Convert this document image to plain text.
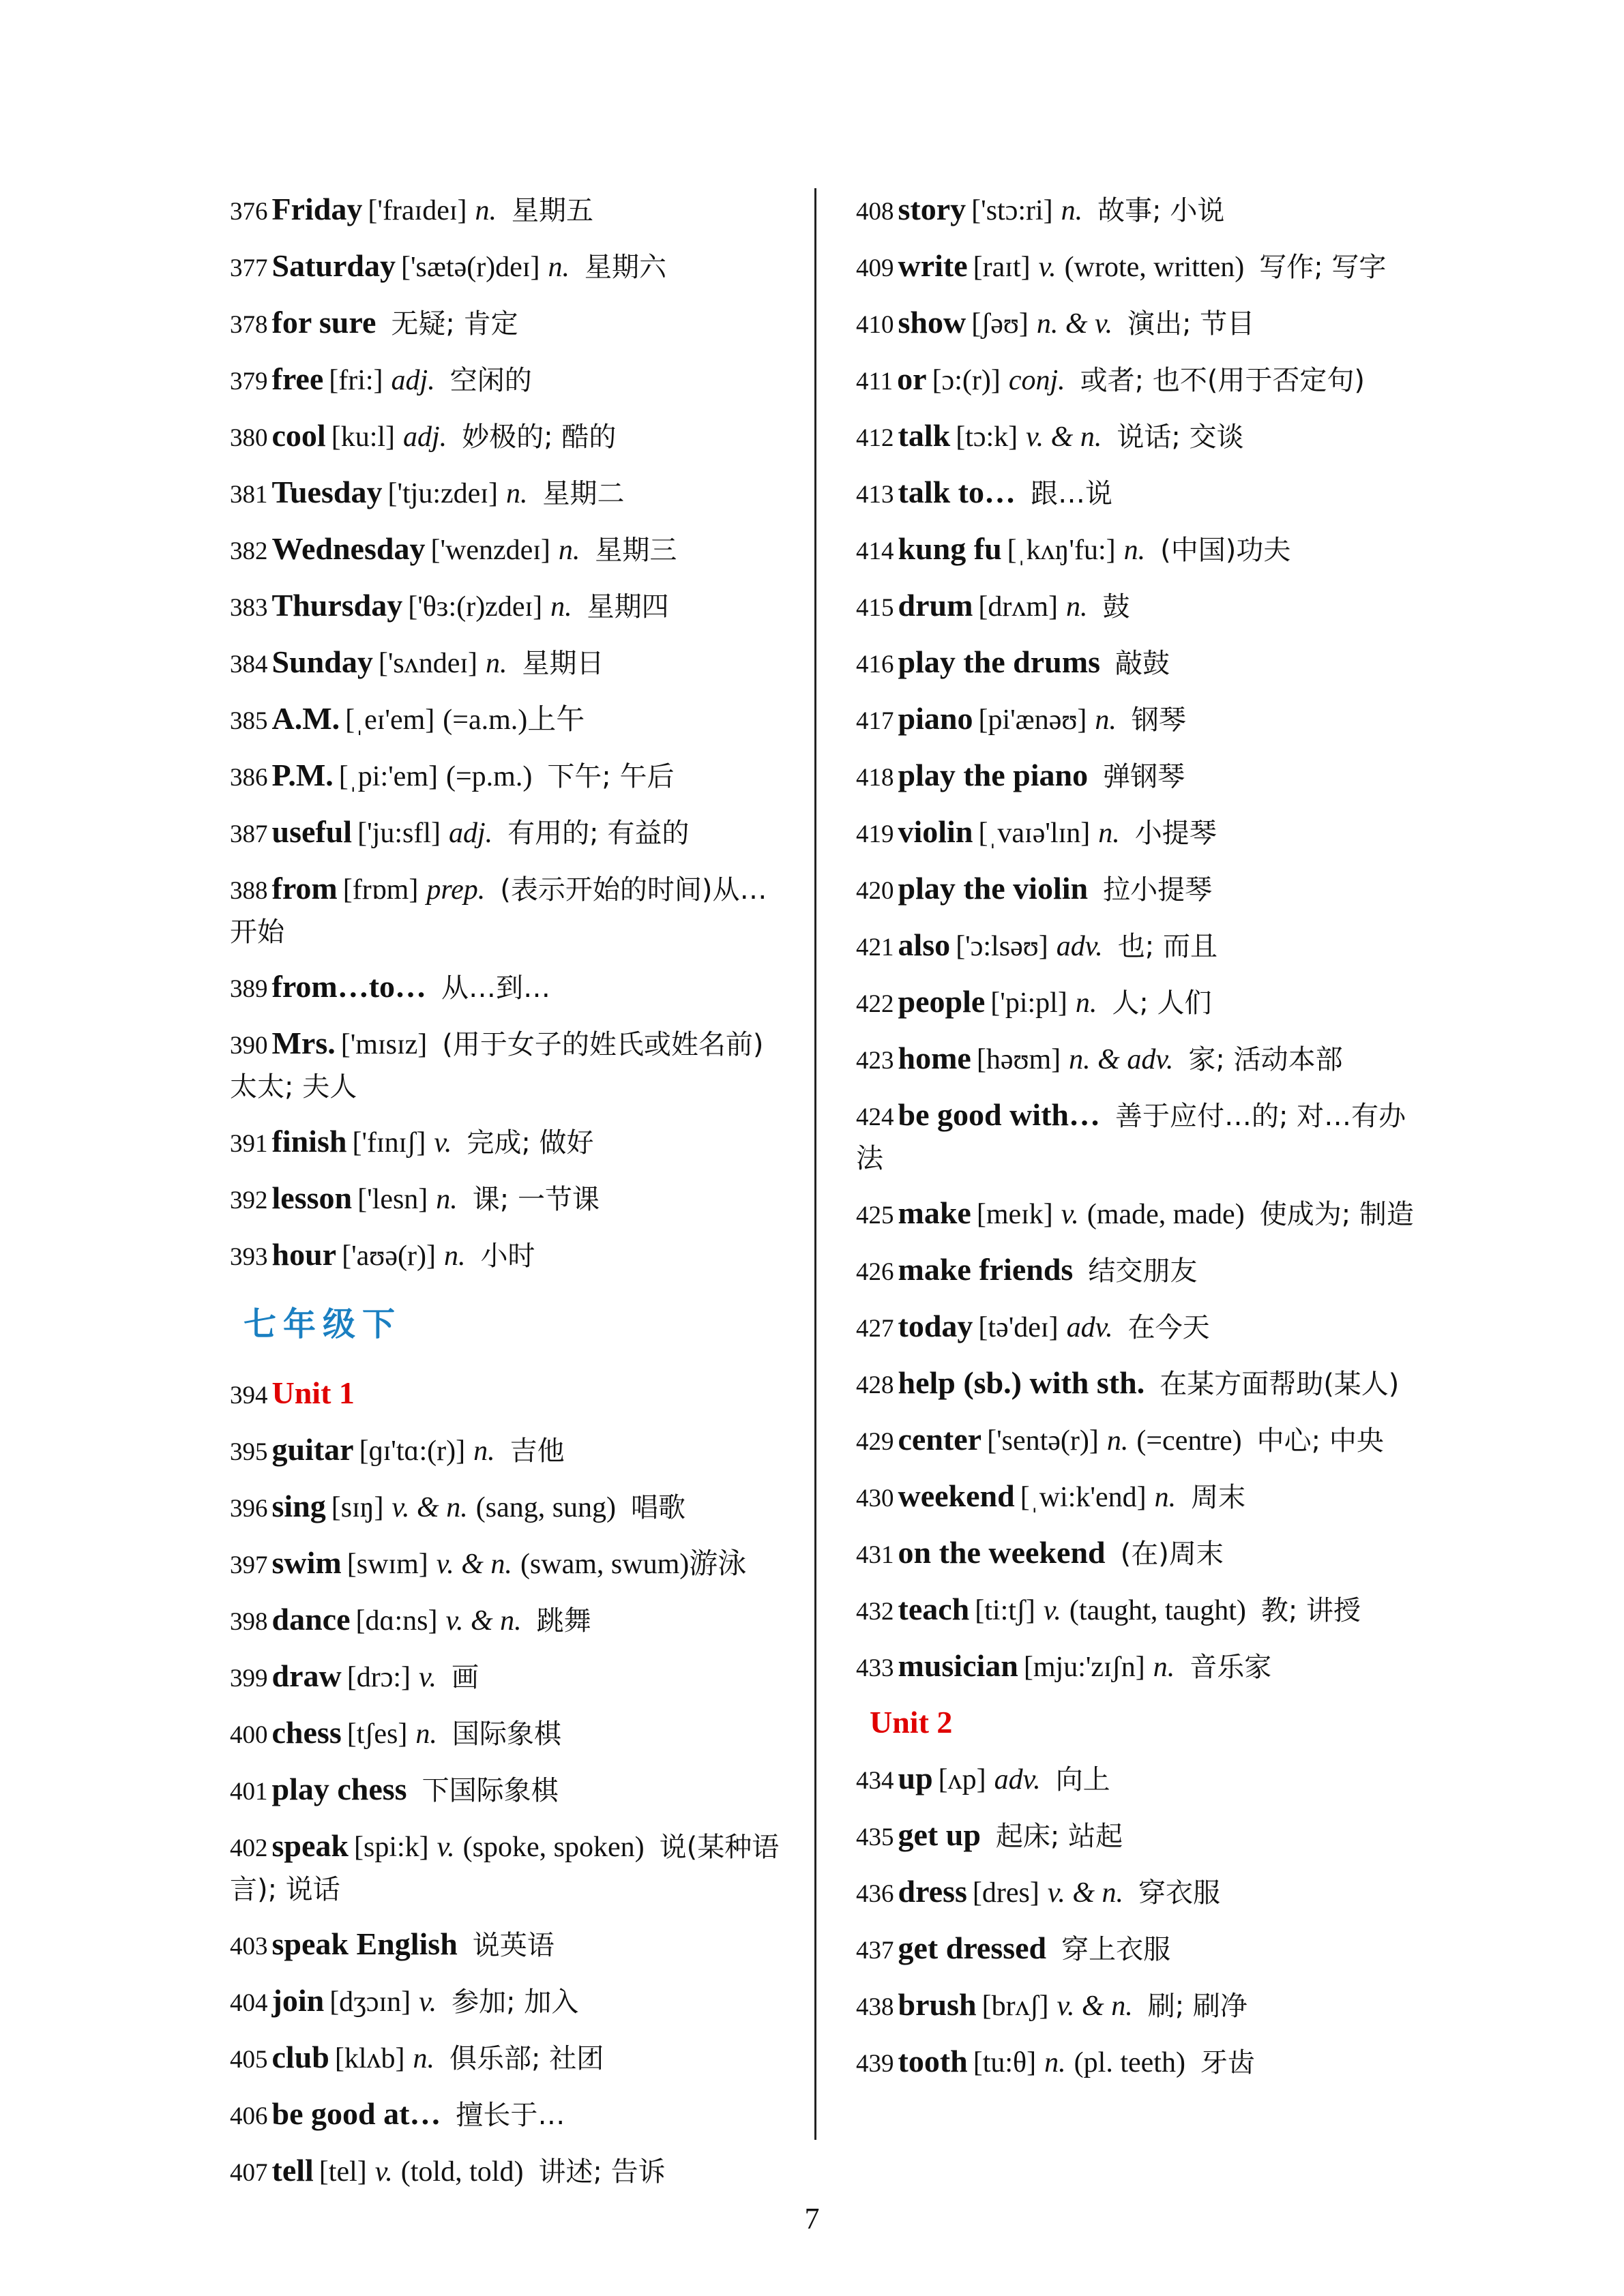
376 Friday ['fraɪdeɪ] n. 星期五
377 Saturday ['sætə(r)deɪ] n. 星期六
378 for sure 无疑; 肯定
379 free [fri:] adj. 空闲的
380 cool [ku:l] adj. 妙极的; 酷的
381 Tuesday ['tju:zdeɪ] n. 星期二
382 Wednesday ['wenzdeɪ] n. 星期三
383 Thursday ['θɜ:(r)zdeɪ] n. 星期四
384 Sunday ['sʌndeɪ] n. 星期日
385 A.M. [ˌeɪ'em] (=a.m.)上午
386 P.M. [ˌpi:'em] (=p.m.) 下午; 午后
387 useful ['ju:sfl] adj. 有用的; 有益的
388 from [frɒm] prep. (表示开始的时间)从…开始
389 from…to… 从…到…
390 Mrs. ['mɪsɪz] (用于女子的姓氏或姓名前)太太; 夫人
391 finish ['fɪnɪʃ] v. 完成; 做好
392 lesson ['lesn] n. 课; 一节课
393 hour ['aʊə(r)] n. 小时
七年级下
394 Unit 1
395 guitar [ɡɪ'tɑ:(r)] n. 吉他
396 sing [sɪŋ] v. & n. (sang, sung) 唱歌
397 swim [swɪm] v. & n. (swam, swum)游泳
398 dance [dɑ:ns] v. & n. 跳舞
399 draw [drɔ:] v. 画
400 chess [tʃes] n. 国际象棋
401 play chess 下国际象棋
402 speak [spi:k] v. (spoke, spoken) 说(某种语言); 说话
403 speak English 说英语
404 join [dʒɔɪn] v. 参加; 加入
405 club [klʌb] n. 俱乐部; 社团
406 be good at… 擅长于…
407 tell [tel] v. (told, told) 讲述; 告诉
408 story ['stɔ:ri] n. 故事; 小说
409 write [raɪt] v. (wrote, written) 写作; 写字
410 show [ʃəʊ] n. & v. 演出; 节目
411 or [ɔ:(r)] conj. 或者; 也不(用于否定句)
412 talk [tɔ:k] v. & n. 说话; 交谈
413 talk to… 跟…说
414 kung fu [ˌkʌŋ'fu:] n. (中国)功夫
415 drum [drʌm] n. 鼓
416 play the drums 敲鼓
417 piano [pi'ænəʊ] n. 钢琴
418 play the piano 弹钢琴
419 violin [ˌvaɪə'lɪn] n. 小提琴
420 play the violin 拉小提琴
421 also ['ɔ:lsəʊ] adv. 也; 而且
422 people ['pi:pl] n. 人; 人们
423 home [həʊm] n. & adv. 家; 活动本部
424 be good with… 善于应付…的; 对…有办法
425 make [meɪk] v. (made, made) 使成为; 制造
426 make friends 结交朋友
427 today [tə'deɪ] adv. 在今天
428 help (sb.) with sth. 在某方面帮助(某人)
429 center ['sentə(r)] n. (=centre) 中心; 中央
430 weekend [ˌwi:k'end] n. 周末
431 on the weekend (在)周末
432 teach [ti:tʃ] v. (taught, taught) 教; 讲授
433 musician [mju:'zɪʃn] n. 音乐家
Unit 2
434 up [ʌp] adv. 向上
435 get up 起床; 站起
436 dress [dres] v. & n. 穿衣服
437 get dressed 穿上衣服
438 brush [brʌʃ] v. & n. 刷; 刷净
439 tooth [tu:θ] n. (pl. teeth) 牙齿
7
